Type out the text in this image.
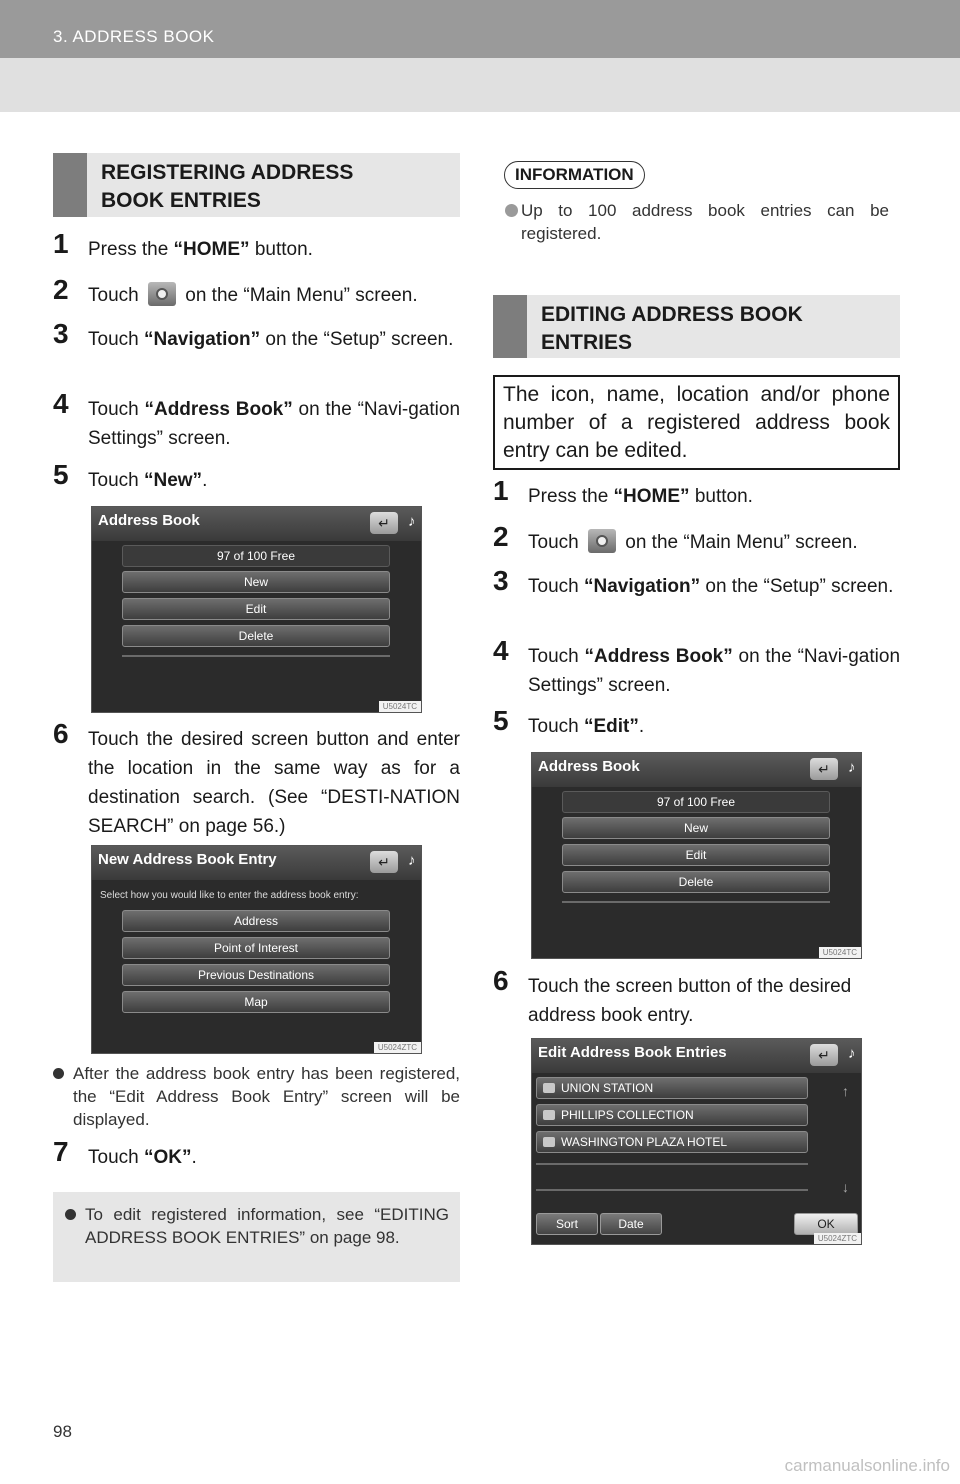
3. ADDRESS BOOK
REGISTERING ADDRESS BOOK ENTRIES
1 Press the “HOME” button.
2 Touch  on the “Main Menu” screen.
3 Touch “Navigation” on the “Setup” screen.
4 Touch “Address Book” on the “Navi-gation Settings” screen.
5 Touch “New”.
Address Book	↵	♪
97 of 100 Free
New
Edit
Delete
U5024TC
6 Touch the desired screen button and enter the location in the same way as for a destination search. (See “DESTI-NATION SEARCH” on page 56.)
New Address Book Entry	↵	♪
Select how you would like to enter the address book entry:
Address
Point of Interest
Previous Destinations
Map
U5024ZTC
After the address book entry has been registered, the “Edit Address Book Entry” screen will be displayed.
7 Touch “OK”.
To edit registered information, see “EDITING ADDRESS BOOK ENTRIES” on page 98.
INFORMATION
Up to 100 address book entries can be registered.
EDITING ADDRESS BOOK ENTRIES
The icon, name, location and/or phone number of a registered address book entry can be edited.
1 Press the “HOME” button.
2 Touch  on the “Main Menu” screen.
3 Touch “Navigation” on the “Setup” screen.
4 Touch “Address Book” on the “Navi-gation Settings” screen.
5 Touch “Edit”.
Address Book	↵	♪
97 of 100 Free
New
Edit
Delete
U5024TC
6 Touch the screen button of the desired address book entry.
Edit Address Book Entries	↵	♪
UNION STATION
PHILLIPS COLLECTION
WASHINGTON PLAZA HOTEL
↑
↓
Sort	Date	OK
U5024ZTC
98
carmanualsonline.info
